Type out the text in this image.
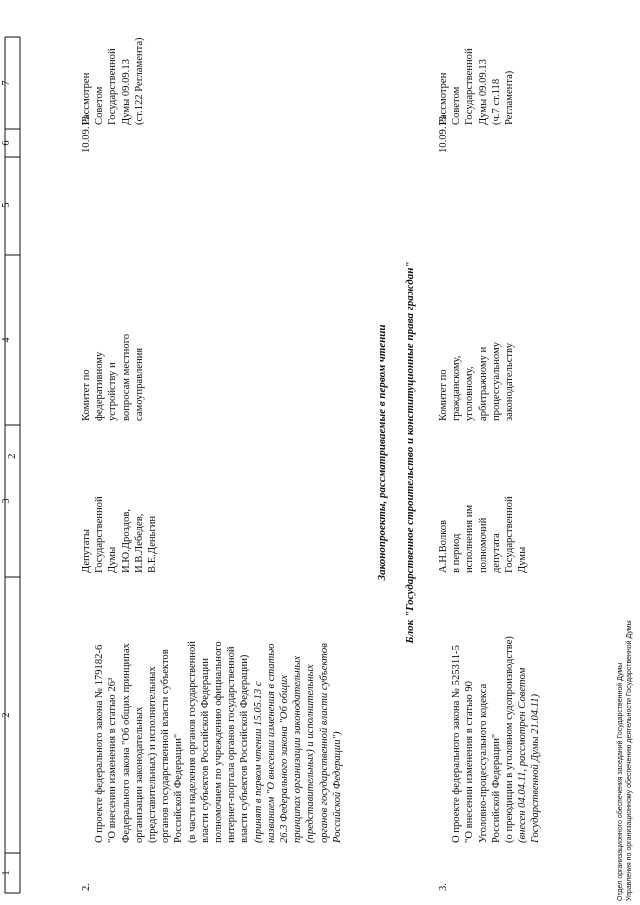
2
1
2
3
4
5
6
7
2.

О проекте федерального закона № 179182-6
"О внесении изменения в статью 26³
Федерального закона "Об общих принципах
организации законодательных
(представительных) и исполнительных
органов государственной власти субъектов
Российской Федерации"
(в части наделения органов государственной
власти субъектов Российской Федерации
полномочием по учреждению официального
интернет-портала органов государственной
власти субъектов Российской Федерации)

(принят в первом чтении 15.05.13 с
названием "О внесении изменения в статью
26.3 Федерального закона "Об общих
принципах организации законодательных
(представительных) и исполнительных
органов государственной власти субъектов
Российской Федерации")

Депутаты
Государственной
Думы
И.Ю.Дроздов,
И.В.Лебедев,
В.Е.Деньгин
Комитет по
федеративному
устройству и
вопросам местного
самоуправления
10.09.13
Рассмотрен
Советом
Государственной
Думы 09.09.13
(ст.122 Регламента)
Законопроекты, рассматриваемые в первом чтении Блок "Государственное строительство и конституционные права граждан"
3.

О проекте федерального закона № 525311-5
"О внесении изменения в статью 90
Уголовно-процессуального кодекса
Российской Федерации"
(о преюдиции в уголовном судопроизводстве)

(внесен 04.04.11, рассмотрен Советом
Государственной Думы 21.04.11)

А.Н.Волков
в период
исполнения им
полномочий
депутата
Государственной
Думы
Комитет по
гражданскому,
уголовному,
арбитражному и
процессуальному
законодательству
10.09.13
Рассмотрен
Советом
Государственной
Думы 09.09.13
(ч.7 ст.118
Регламента)
Отдел организационного обеспечения заседаний Государственной Думы
Управления по организационному обеспечению деятельности Государственной Думы
